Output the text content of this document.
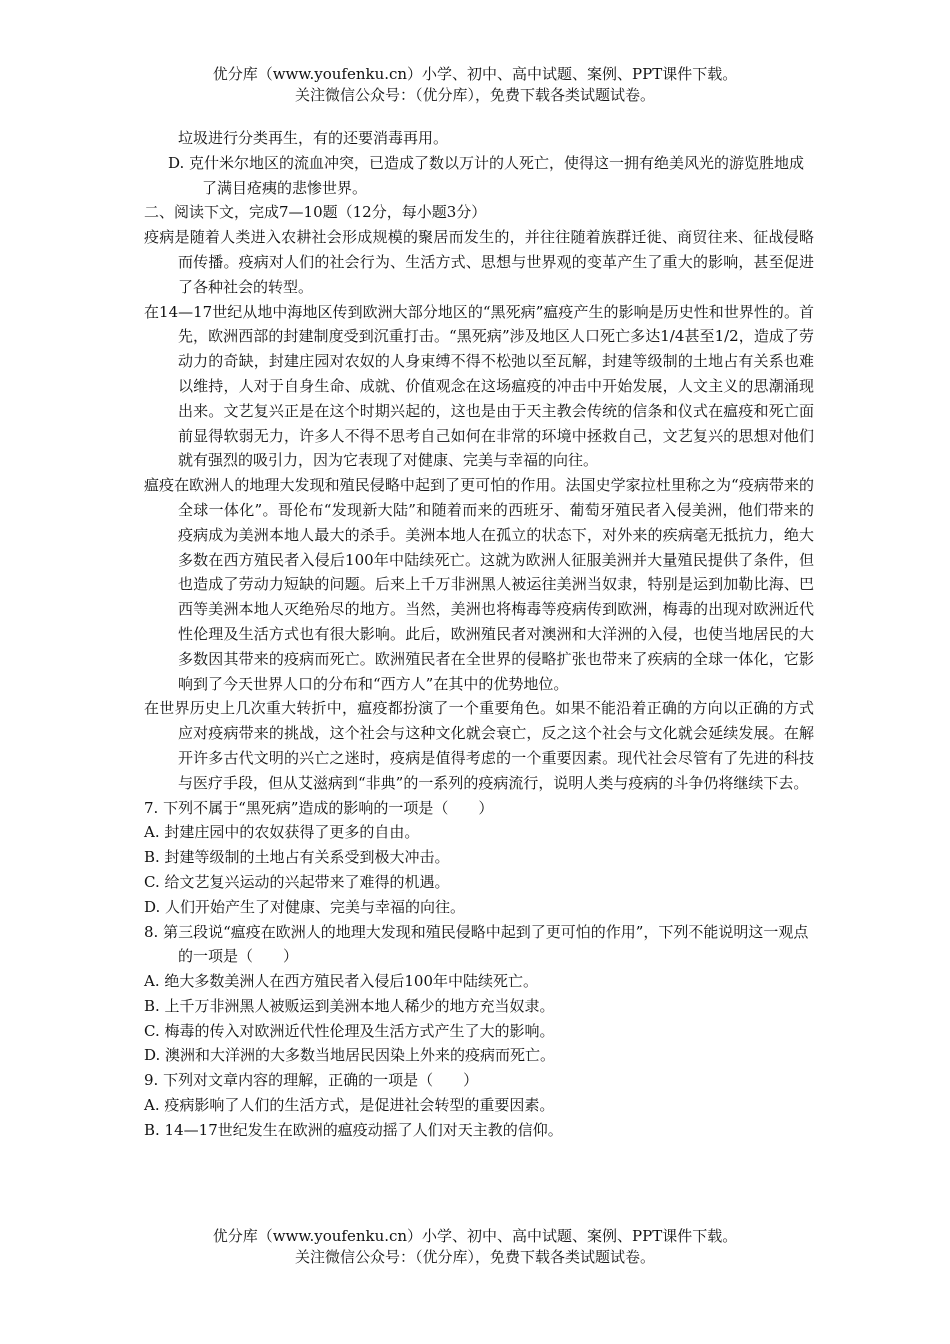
优分库（www.youfenku.cn）小学、初中、高中试题、案例、PPT课件下载。
关注微信公众号：（优分库），免费下载各类试题试卷。

垃圾进行分类再生，有的还要消毒再用。

D. 克什米尔地区的流血冲突，已造成了数以万计的人死亡，使得这一拥有绝美风光的游览胜地成了满目疮痍的悲惨世界。

二、阅读下文，完成7—10题（12分，每小题3分）

疫病是随着人类进入农耕社会形成规模的聚居而发生的，并往往随着族群迁徙、商贸往来、征战侵略而传播。疫病对人们的社会行为、生活方式、思想与世界观的变革产生了重大的影响，甚至促进了各种社会的转型。

在14—17世纪从地中海地区传到欧洲大部分地区的“黑死病”瘟疫产生的影响是历史性和世界性的。首先，欧洲西部的封建制度受到沉重打击。“黑死病”涉及地区人口死亡多达1/4甚至1/2，造成了劳动力的奇缺，封建庄园对农奴的人身束缚不得不松弛以至瓦解，封建等级制的土地占有关系也难以维持，人对于自身生命、成就、价值观念在这场瘟疫的冲击中开始发展，人文主义的思潮涌现出来。文艺复兴正是在这个时期兴起的，这也是由于天主教会传统的信条和仪式在瘟疫和死亡面前显得软弱无力，许多人不得不思考自己如何在非常的环境中拯救自己，文艺复兴的思想对他们就有强烈的吸引力，因为它表现了对健康、完美与幸福的向往。

瘟疫在欧洲人的地理大发现和殖民侵略中起到了更可怕的作用。法国史学家拉杜里称之为“疫病带来的全球一体化”。哥伦布“发现新大陆”和随着而来的西班牙、葡萄牙殖民者入侵美洲，他们带来的疫病成为美洲本地人最大的杀手。美洲本地人在孤立的状态下，对外来的疾病毫无抵抗力，绝大多数在西方殖民者入侵后100年中陆续死亡。这就为欧洲人征服美洲并大量殖民提供了条件，但也造成了劳动力短缺的问题。后来上千万非洲黑人被运往美洲当奴隶，特别是运到加勒比海、巴西等美洲本地人灭绝殆尽的地方。当然，美洲也将梅毒等疫病传到欧洲，梅毒的出现对欧洲近代性伦理及生活方式也有很大影响。此后，欧洲殖民者对澳洲和大洋洲的入侵，也使当地居民的大多数因其带来的疫病而死亡。欧洲殖民者在全世界的侵略扩张也带来了疾病的全球一体化，它影响到了今天世界人口的分布和“西方人”在其中的优势地位。

在世界历史上几次重大转折中，瘟疫都扮演了一个重要角色。如果不能沿着正确的方向以正确的方式应对疫病带来的挑战，这个社会与这种文化就会衰亡，反之这个社会与文化就会延续发展。在解开许多古代文明的兴亡之迷时，疫病是值得考虑的一个重要因素。现代社会尽管有了先进的科技与医疗手段，但从艾滋病到“非典”的一系列的疫病流行，说明人类与疫病的斗争仍将继续下去。

7. 下列不属于“黑死病”造成的影响的一项是（　　）

A. 封建庄园中的农奴获得了更多的自由。

B. 封建等级制的土地占有关系受到极大冲击。

C. 给文艺复兴运动的兴起带来了难得的机遇。

D. 人们开始产生了对健康、完美与幸福的向往。

8. 第三段说“瘟疫在欧洲人的地理大发现和殖民侵略中起到了更可怕的作用”，下列不能说明这一观点的一项是（　　）

A. 绝大多数美洲人在西方殖民者入侵后100年中陆续死亡。

B. 上千万非洲黑人被贩运到美洲本地人稀少的地方充当奴隶。

C. 梅毒的传入对欧洲近代性伦理及生活方式产生了大的影响。

D. 澳洲和大洋洲的大多数当地居民因染上外来的疫病而死亡。

9. 下列对文章内容的理解，正确的一项是（　　）

A. 疫病影响了人们的生活方式，是促进社会转型的重要因素。

B. 14—17世纪发生在欧洲的瘟疫动摇了人们对天主教的信仰。

优分库（www.youfenku.cn）小学、初中、高中试题、案例、PPT课件下载。
关注微信公众号：（优分库），免费下载各类试题试卷。
